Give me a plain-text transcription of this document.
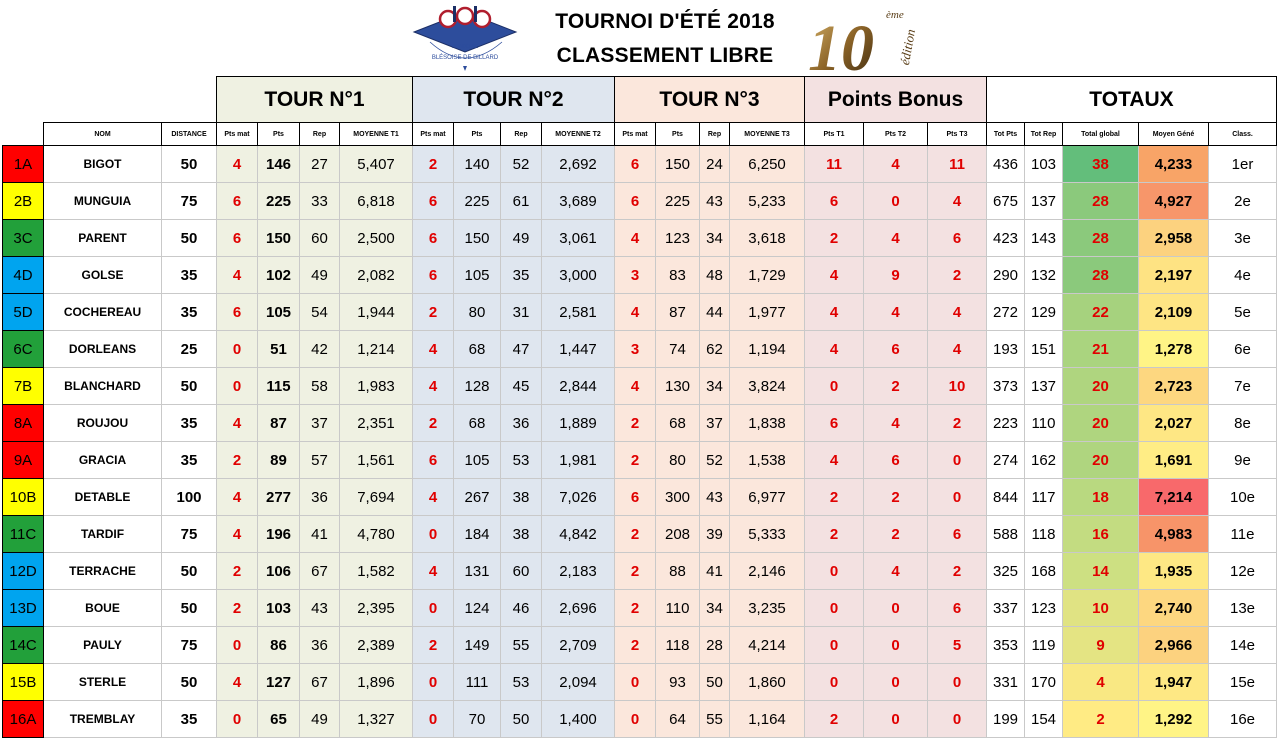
ACADÉMIE
BLÉSOISE DE BILLARD
TOURNOI D'ÉTÉ 2018
CLASSEMENT LIBRE 10 ème
édition
			TOUR N°1				TOUR N°2				TOUR N°3				Points Bonus			TOTAUX				
	NOM	DISTANCE	Pts mat	Pts	Rep	MOYENNE T1	Pts mat	Pts	Rep	MOYENNE T2	Pts mat	Pts	Rep	MOYENNE T3	Pts T1	Pts T2	Pts T3	Tot Pts	Tot Rep	Total global	Moyen Géné	Class.
1A	BIGOT	50	4	146	27	5,407	2	140	52	2,692	6	150	24	6,250	11	4	11	436	103	38	4,233	1er
2B	MUNGUIA	75	6	225	33	6,818	6	225	61	3,689	6	225	43	5,233	6	0	4	675	137	28	4,927	2e
3C	PARENT	50	6	150	60	2,500	6	150	49	3,061	4	123	34	3,618	2	4	6	423	143	28	2,958	3e
4D	GOLSE	35	4	102	49	2,082	6	105	35	3,000	3	83	48	1,729	4	9	2	290	132	28	2,197	4e
5D	COCHEREAU	35	6	105	54	1,944	2	80	31	2,581	4	87	44	1,977	4	4	4	272	129	22	2,109	5e
6C	DORLEANS	25	0	51	42	1,214	4	68	47	1,447	3	74	62	1,194	4	6	4	193	151	21	1,278	6e
7B	BLANCHARD	50	0	115	58	1,983	4	128	45	2,844	4	130	34	3,824	0	2	10	373	137	20	2,723	7e
8A	ROUJOU	35	4	87	37	2,351	2	68	36	1,889	2	68	37	1,838	6	4	2	223	110	20	2,027	8e
9A	GRACIA	35	2	89	57	1,561	6	105	53	1,981	2	80	52	1,538	4	6	0	274	162	20	1,691	9e
10B	DETABLE	100	4	277	36	7,694	4	267	38	7,026	6	300	43	6,977	2	2	0	844	117	18	7,214	10e
11C	TARDIF	75	4	196	41	4,780	0	184	38	4,842	2	208	39	5,333	2	2	6	588	118	16	4,983	11e
12D	TERRACHE	50	2	106	67	1,582	4	131	60	2,183	2	88	41	2,146	0	4	2	325	168	14	1,935	12e
13D	BOUE	50	2	103	43	2,395	0	124	46	2,696	2	110	34	3,235	0	0	6	337	123	10	2,740	13e
14C	PAULY	75	0	86	36	2,389	2	149	55	2,709	2	118	28	4,214	0	0	5	353	119	9	2,966	14e
15B	STERLE	50	4	127	67	1,896	0	111	53	2,094	0	93	50	1,860	0	0	0	331	170	4	1,947	15e
16A	TREMBLAY	35	0	65	49	1,327	0	70	50	1,400	0	64	55	1,164	2	0	0	199	154	2	1,292	16e
